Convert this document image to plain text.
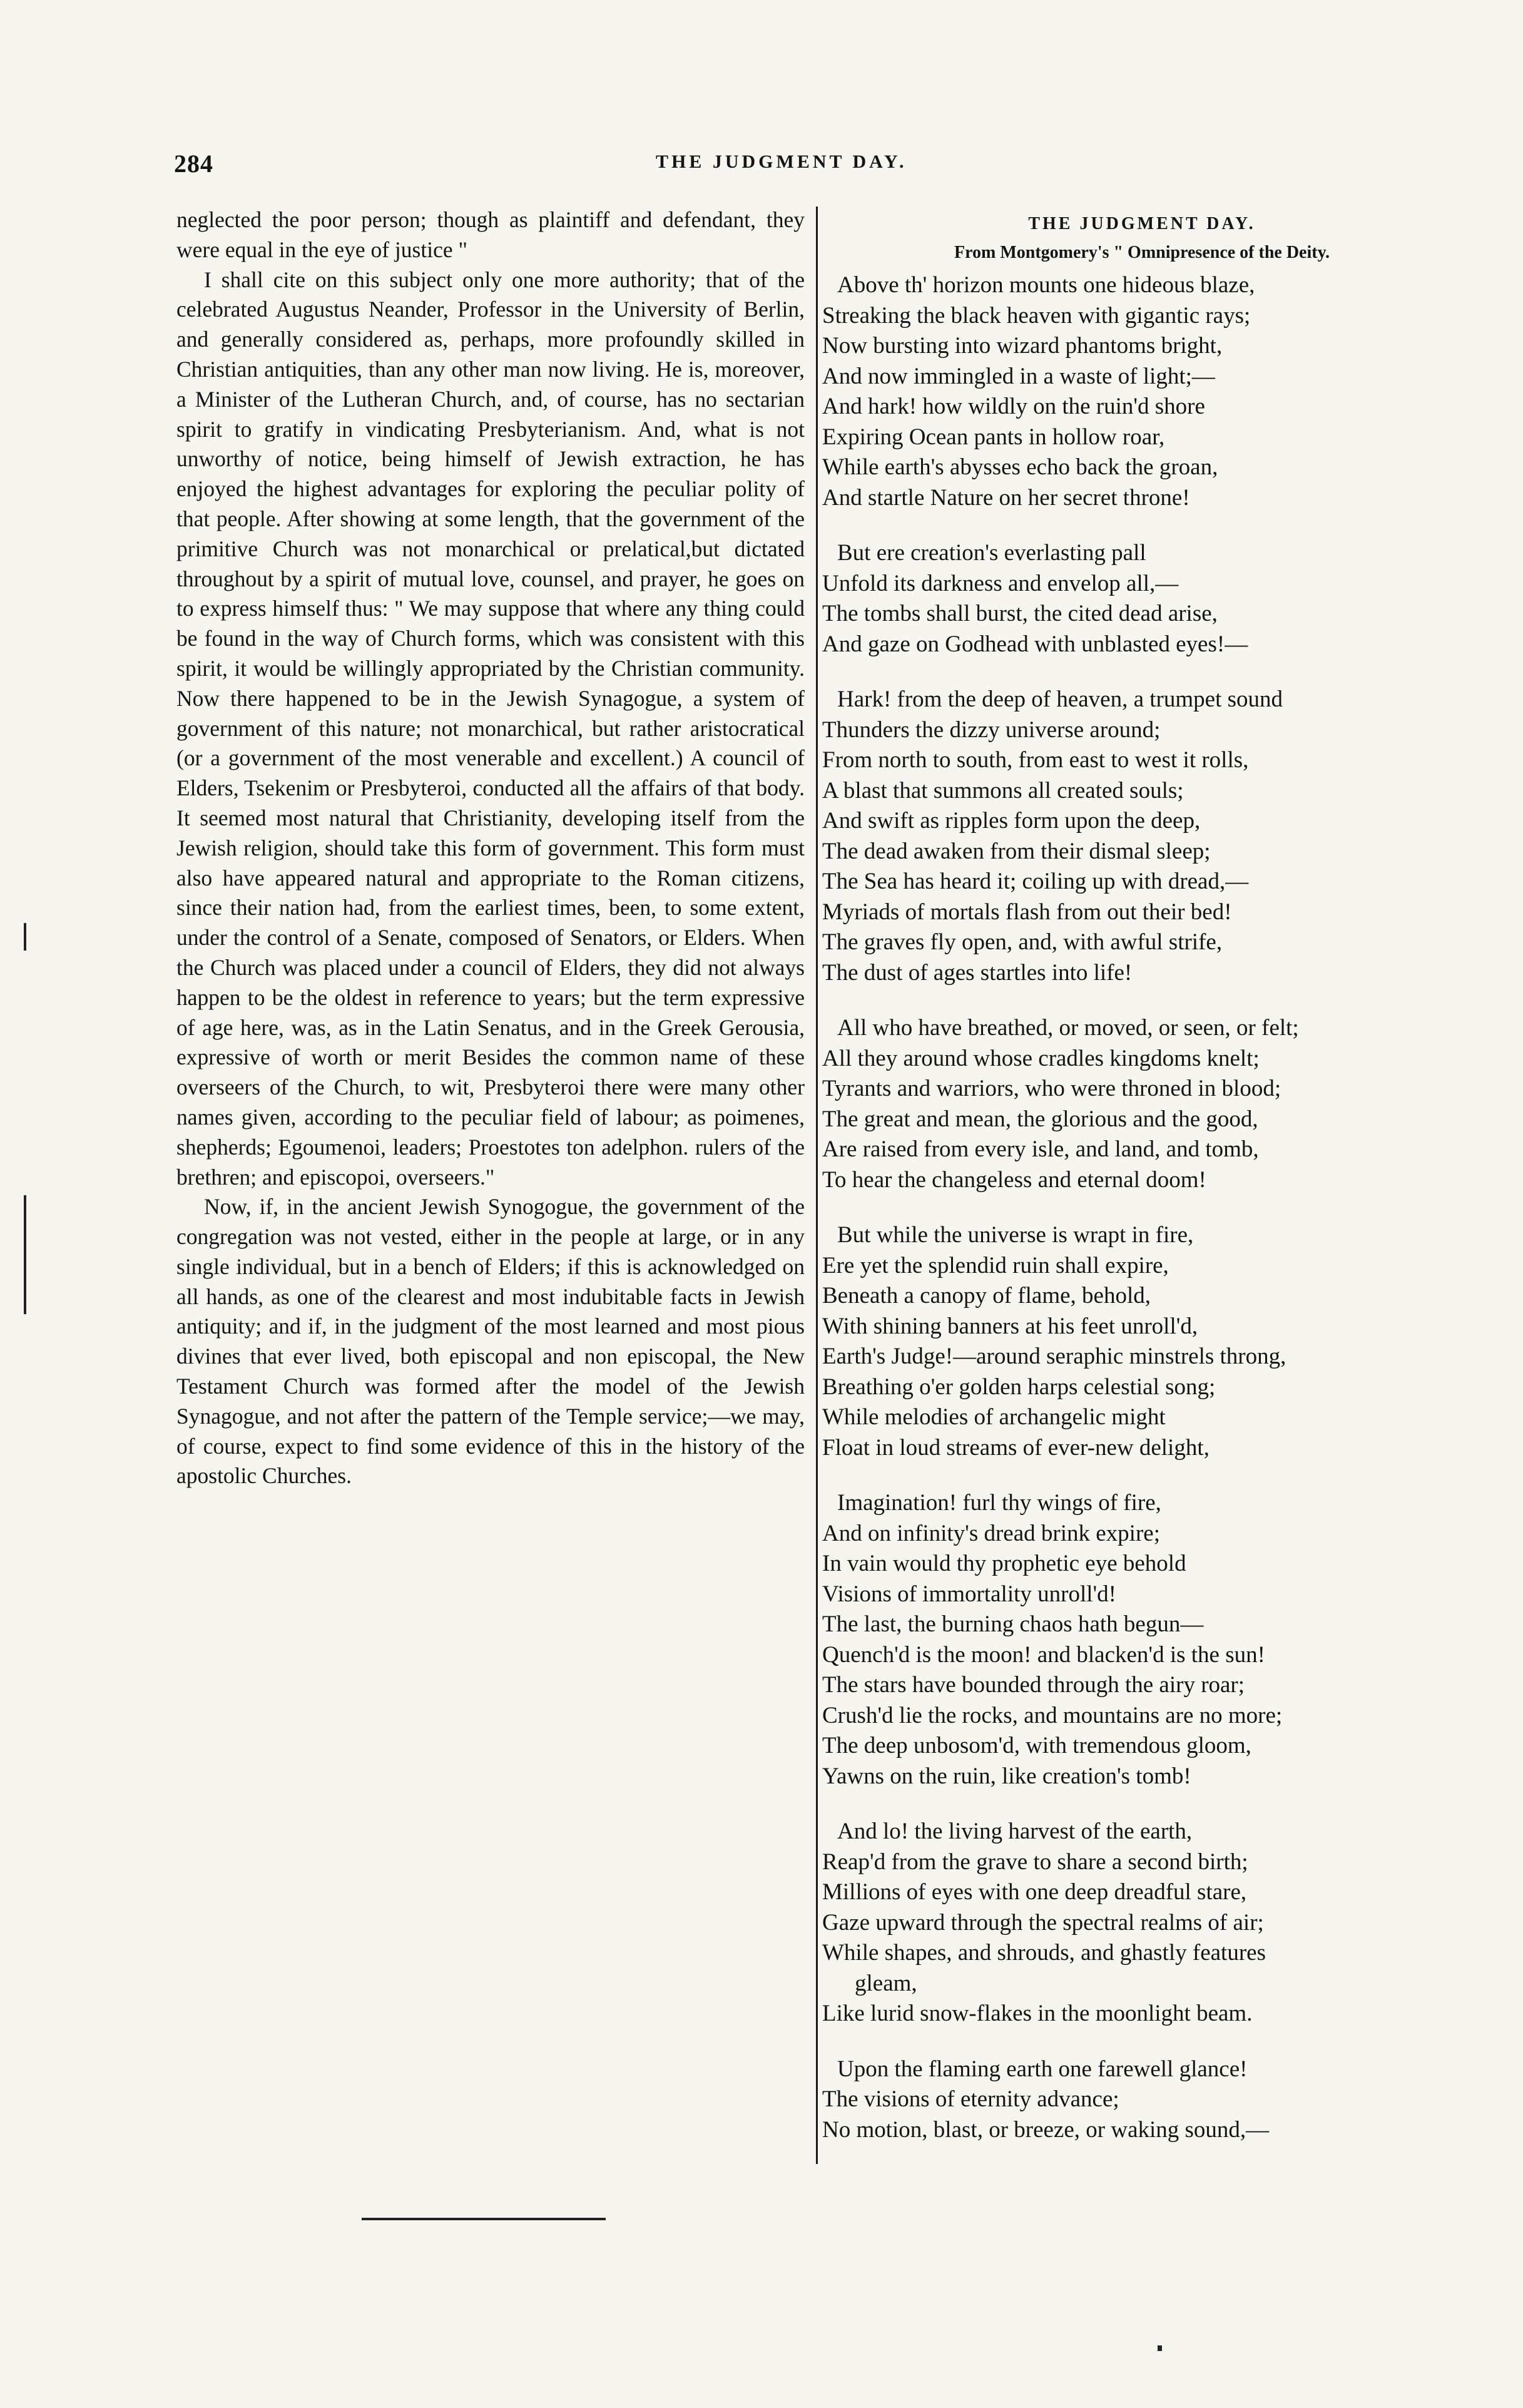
284	THE JUDGMENT DAY.

neglected the poor person; though as plaintiff and defendant, they were equal in the eye of justice "

I shall cite on this subject only one more authority; that of the celebrated Augustus Neander, Professor in the University of Berlin, and generally considered as, perhaps, more profoundly skilled in Christian antiquities, than any other man now living. He is, moreover, a Minister of the Lutheran Church, and, of course, has no sectarian spirit to gratify in vindicating Presbyterianism. And, what is not unworthy of notice, being himself of Jewish extraction, he has enjoyed the highest advantages for exploring the peculiar polity of that people. After showing at some length, that the government of the primitive Church was not monarchical or prelatical,but dictated throughout by a spirit of mutual love, counsel, and prayer, he goes on to express himself thus: " We may suppose that where any thing could be found in the way of Church forms, which was consistent with this spirit, it would be willingly appropriated by the Christian community. Now there happened to be in the Jewish Synagogue, a system of government of this nature; not monarchical, but rather aristocratical (or a government of the most venerable and excellent.) A council of Elders, Tsekenim or Presbyteroi, conducted all the affairs of that body. It seemed most natural that Christianity, developing itself from the Jewish religion, should take this form of government. This form must also have appeared natural and appropriate to the Roman citizens, since their nation had, from the earliest times, been, to some extent, under the control of a Senate, composed of Senators, or Elders. When the Church was placed under a council of Elders, they did not always happen to be the oldest in reference to years; but the term expressive of age here, was, as in the Latin Senatus, and in the Greek Gerousia, expressive of worth or merit Besides the common name of these overseers of the Church, to wit, Presbyteroi there were many other names given, according to the peculiar field of labour; as poimenes, shepherds; Egoumenoi, leaders; Proestotes ton adelphon. rulers of the brethren; and episcopoi, overseers."

Now, if, in the ancient Jewish Synogogue, the government of the congregation was not vested, either in the people at large, or in any single individual, but in a bench of Elders; if this is acknowledged on all hands, as one of the clearest and most indubitable facts in Jewish antiquity; and if, in the judgment of the most learned and most pious divines that ever lived, both episcopal and non episcopal, the New Testament Church was formed after the model of the Jewish Synagogue, and not after the pattern of the Temple service;—we may, of course, expect to find some evidence of this in the history of the apostolic Churches.

THE JUDGMENT DAY.
From Montgomery's " Omnipresence of the Deity.
Above th' horizon mounts one hideous blaze,
Streaking the black heaven with gigantic rays;
Now bursting into wizard phantoms bright,
And now immingled in a waste of light;—
And hark! how wildly on the ruin'd shore
Expiring Ocean pants in hollow roar,
While earth's abysses echo back the groan,
And startle Nature on her secret throne!
But ere creation's everlasting pall
Unfold its darkness and envelop all,—
The tombs shall burst, the cited dead arise,
And gaze on Godhead with unblasted eyes!—
Hark! from the deep of heaven, a trumpet sound
Thunders the dizzy universe around;
From north to south, from east to west it rolls,
A blast that summons all created souls;
And swift as ripples form upon the deep,
The dead awaken from their dismal sleep;
The Sea has heard it; coiling up with dread,—
Myriads of mortals flash from out their bed!
The graves fly open, and, with awful strife,
The dust of ages startles into life!
All who have breathed, or moved, or seen, or felt;
All they around whose cradles kingdoms knelt;
Tyrants and warriors, who were throned in blood;
The great and mean, the glorious and the good,
Are raised from every isle, and land, and tomb,
To hear the changeless and eternal doom!
But while the universe is wrapt in fire,
Ere yet the splendid ruin shall expire,
Beneath a canopy of flame, behold,
With shining banners at his feet unroll'd,
Earth's Judge!—around seraphic minstrels throng,
Breathing o'er golden harps celestial song;
While melodies of archangelic might
Float in loud streams of ever-new delight,
Imagination! furl thy wings of fire,
And on infinity's dread brink expire;
In vain would thy prophetic eye behold
Visions of immortality unroll'd!
The last, the burning chaos hath begun—
Quench'd is the moon! and blacken'd is the sun!
The stars have bounded through the airy roar;
Crush'd lie the rocks, and mountains are no more;
The deep unbosom'd, with tremendous gloom,
Yawns on the ruin, like creation's tomb!
And lo! the living harvest of the earth,
Reap'd from the grave to share a second birth;
Millions of eyes with one deep dreadful stare,
Gaze upward through the spectral realms of air;
While shapes, and shrouds, and ghastly features
gleam,
Like lurid snow-flakes in the moonlight beam.
Upon the flaming earth one farewell glance!
The visions of eternity advance;
No motion, blast, or breeze, or waking sound,—
